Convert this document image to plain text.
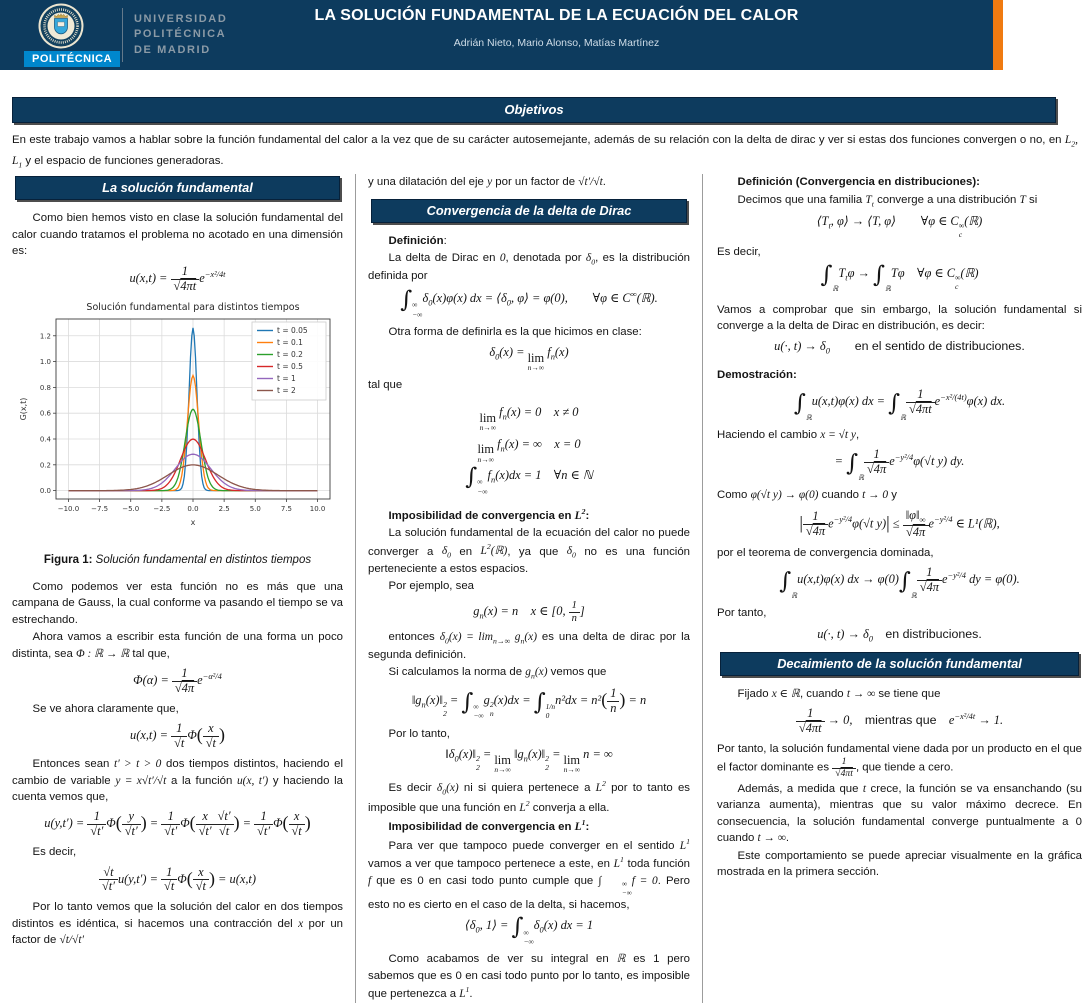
POLITÉCNICA
UNIVERSIDAD
POLITÉCNICA
DE MADRID
LA SOLUCIÓN FUNDAMENTAL DE LA ECUACIÓN DEL CALOR
Adrián Nieto, Mario Alonso, Matías Martínez
Objetivos

En este trabajo vamos a hablar sobre la función fundamental del calor a la vez que de su carácter autosemejante, además de su relación con la delta de dirac y ver si estas dos funciones convergen o no, en $L_2$, $L_1$ y el espacio de funciones generadoras.

La solución fundamental

Como bien hemos visto en clase la solución fundamental del calor cuando tratamos el problema no acotado en una dimensión es:

$u(x,t) = \frac{1}{√4\pi t} e^{-x^2/4t}$
−10.0 −7.5 −5.0 −2.5 0.0	2.5	5.0	7.5	10.0
0.0
0.2
0.4
0.6
0.8
1.0
1.2
Solución fundamental para distintos tiempos
x
G(x,t)
t = 0.05
t = 0.1
t = 0.2
t = 0.5
t = 1
t = 2

Figura 1: Solución fundamental en distintos tiempos

Como podemos ver esta función no es más que una campana de Gauss, la cual conforme va pasando el tiempo se va estrechando.

Ahora vamos a escribir esta función de una forma un poco distinta, sea Φ : ℝ → ℝ tal que,

$\Phi(\alpha) = \frac{1}{√4\pi} e^{-\alpha^2/4}$

Se ve ahora claramente que,

$u(x,t) = \frac{1}{√t} \Phi( \frac{x}{√t}$ )

Entonces sean t′ > t > 0 dos tiempos distintos, haciendo el cambio de variable y = x√t′/√t a la función u(x, t′) y haciendo la cuenta vemos que,

$u(y,t') = \frac{1}{√t'} \Phi( \frac{y}{√t'}$ ) = $\frac{1}{√t'} \Phi( \frac{x}{√t'} \frac{√t'}{√t}$ ) = $\frac{1}{√t'} \Phi( \frac{x}{√t}$ )

Es decir,

$\frac{√t}{√t'} u(y,t') = \frac{1}{√t} \Phi( \frac{x}{√t}$ ) = u(x,t)

Por lo tanto vemos que la solución del calor en dos tiempos distintos es idéntica, si hacemos una contracción del x por un factor de √t/√t′

y una dilatación del eje y por un factor de √t′/√t.

Convergencia de la delta de Dirac

Definición:

La delta de Dirac en 0, denotada por $\delta_0$, es la distribución definida por

∫ ∞
−∞
$\delta_0(x)\varphi(x)$ dx = $⟨\delta_0$, φ⟩ = φ(0),  ∀φ ∈ C∞(ℝ).

Otra forma de definirla es la que hicimos en clase:

$\delta_0(x) = \lim$
n→∞
$f_n(x)$

tal que

lim
n→∞
$f_n(x) = 0$ x ≠ 0
lim
n→∞
$f_n(x)$ = ∞ x = 0
∫ ∞
−∞
$f_n(x)dx = 1$ ∀n ∈ ℕ

Imposibilidad de convergencia en $L^2$:

La solución fundamental de la ecuación del calor no puede converger a $\delta_0$ en $L^2(ℝ)$, ya que $\delta_0$ no es una función perteneciente a estos espacios.

Por ejemplo, sea

$g_n(x) = n$ x ∈ [0, $\frac{1}{n}$ ]

entonces $\delta_0(x) = \lim_{n\to\infty} g_n(x)$ es una delta de dirac por la segunda definición.

Si calculamos la norma de $g_n(x)$ vemos que

$‖g_n(x)‖$ 2
2
= ∫ ∞
−∞
g 2
n
(x)dx = ∫ 1/n
0
$n^2dx = n^2( \frac{1}{n}$ ) = n

Por lo tanto,

$‖\delta_0(x)‖$ 2
2
= lim
n→∞
$‖g_n(x)‖$ 2
2
= lim
n→∞
n = ∞

Es decir $\delta_0(x)$ ni si quiera pertenece a $L^2$ por to tanto es imposible que una función en $L^2$ converja a ella.

Imposibilidad de convergencia en $L^1$:

Para ver que tampoco puede converger en el sentido $L^1$ vamos a ver que tampoco pertenece a este, en $L^1$ toda función f que es 0 en casi todo punto cumple que ∫	∞
−∞
f = 0. Pero esto no es cierto en el caso de la delta, si hacemos,

$⟨\delta_0$, 1⟩ = ∫ ∞
−∞
$\delta_0(x)$ dx = 1

Como acabamos de ver su integral en ℝ es 1 pero sabemos que es 0 en casi todo punto por lo tanto, es imposible que pertenezca a $L^1$.

Definición (Convergencia en distribuciones):

Decimos que una familia $T_t$ converge a una distribución T si

$⟨T_t$, φ⟩ → ⟨T, φ⟩  ∀φ ∈ C ∞
c
(ℝ)

Es decir,

∫

ℝ
$T_t\varphi$ → ∫

ℝ
Tφ ∀φ ∈ C ∞
c
(ℝ)

Vamos a comprobar que sin embargo, la solución fundamental si converge a la delta de Dirac en distribución, es decir:

u(·, $t) \to \delta_0$   en el sentido de distribuciones.

Demostración:

∫

ℝ
u(x,t)φ(x) dx = ∫

ℝ
$\frac{1}{√4\pi t} e^{-x^2/(4t)}\varphi(x)$ dx.

Haciendo el cambio x = √t y,

= ∫

ℝ
$\frac{1}{√4\pi} e^{-y^2/4}\varphi(√t$ y) dy.

Como φ(√t y) → φ(0) cuando t → 0 y

| $\frac{1}{√4\pi} e^{-y^2/4}\varphi(√t$ $y)| \le \frac{‖\varphi‖_\infty}{√4\pi} e^{-y^2/4}$ ∈ L¹(ℝ),

por el teorema de convergencia dominada,

∫

ℝ
u(x,t)φ(x) dx → φ(0)∫

ℝ
$\frac{1}{√4\pi} e^{-y^2/4}$ dy = φ(0).

Por tanto,

u(·, $t) \to \delta_0$  en distribuciones.
Decaimiento de la solución fundamental

Fijado x ∈ ℝ, cuando t → ∞ se tiene que

$\frac{1}{√4\pi t} \to 0$, mientras que $e^{-x^2/4t} \to 1$.

Por tanto, la solución fundamental viene dada por un producto en el que el factor dominante es $\frac{1}{√4\pi t}$ , que tiende a cero.

Además, a medida que t crece, la función se va ensanchando (su varianza aumenta), mientras que su valor máximo decrece. En consecuencia, la solución fundamental converge puntualmente a 0 cuando t → ∞.

Este comportamiento se puede apreciar visualmente en la gráfica mostrada en la primera sección.
